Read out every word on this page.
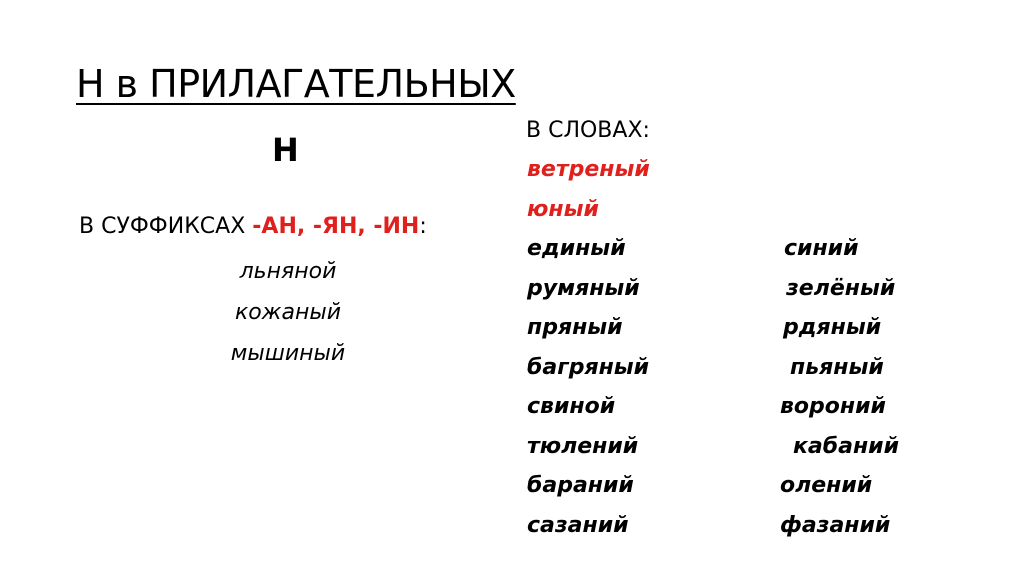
Н в ПРИЛАГАТЕЛЬНЫХ
Н
В СУФФИКСАХ -АН, -ЯН, -ИН:
льняной
кожаный
мышиный
В СЛОВАХ:
ветреный
юный
единый
румяный
пряный
багряный
свиной
тюлений
бараний
сазаний
синий
зелёный
рдяный
пьяный
вороний
кабаний
олений
фазаний
